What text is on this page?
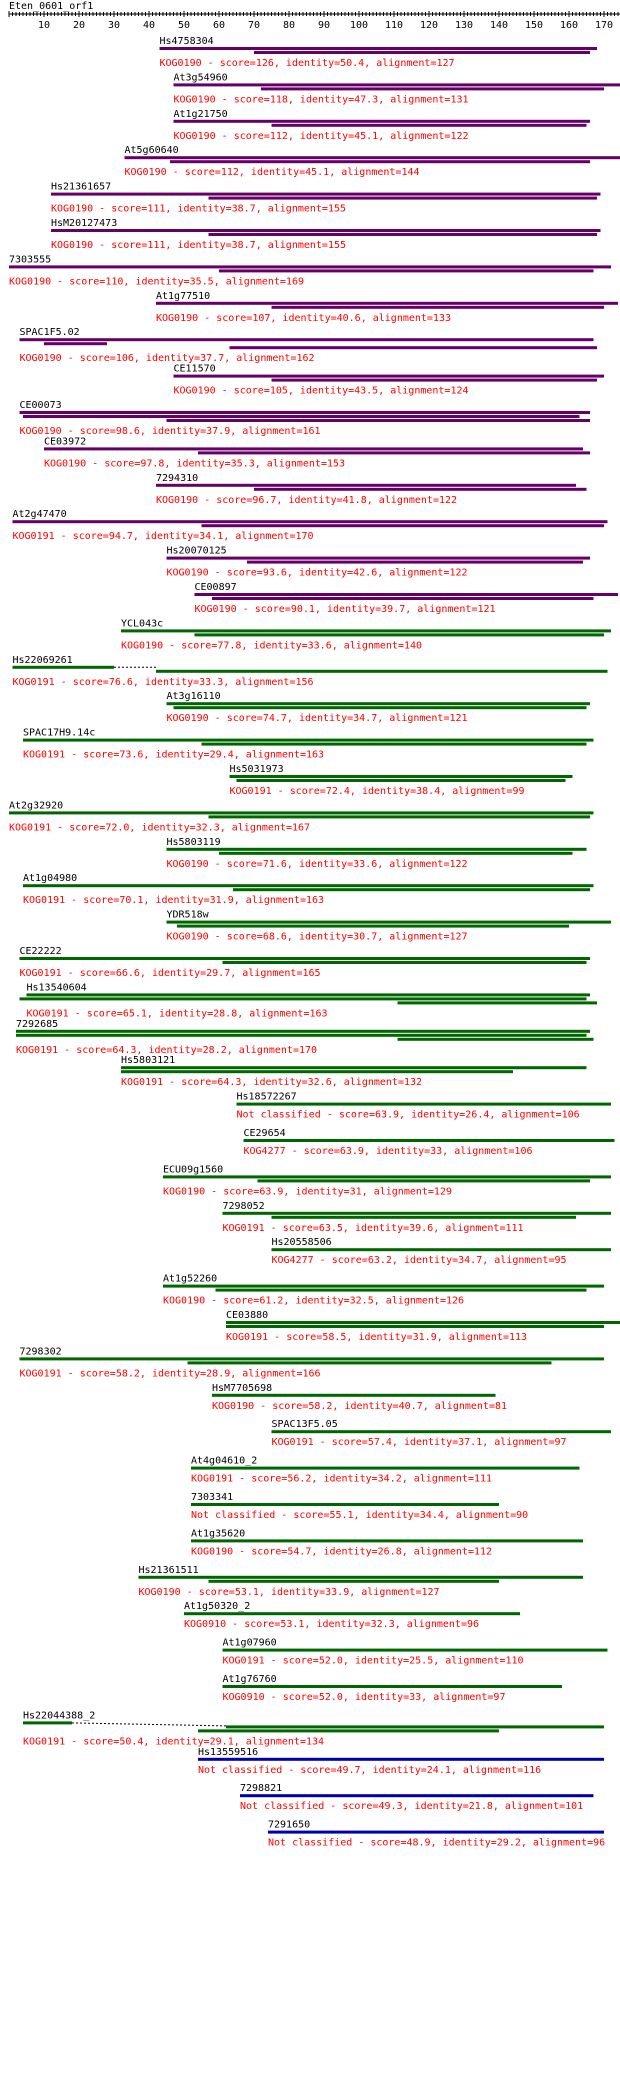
Eten_0601_orf1
10 20 30 40 50 60 70 80 90 100 110 120 130 140 150 160 170
Hs4758304
KOG0190 - score=126, identity=50.4, alignment=127
At3g54960
KOG0190 - score=118, identity=47.3, alignment=131
At1g21750
KOG0190 - score=112, identity=45.1, alignment=122
At5g60640
KOG0190 - score=112, identity=45.1, alignment=144
Hs21361657
KOG0190 - score=111, identity=38.7, alignment=155
HsM20127473
KOG0190 - score=111, identity=38.7, alignment=155
7303555
KOG0190 - score=110, identity=35.5, alignment=169
At1g77510
KOG0190 - score=107, identity=40.6, alignment=133
SPAC1F5.02
KOG0190 - score=106, identity=37.7, alignment=162
CE11570
KOG0190 - score=105, identity=43.5, alignment=124
CE00073
KOG0190 - score=98.6, identity=37.9, alignment=161
CE03972
KOG0190 - score=97.8, identity=35.3, alignment=153
7294310
KOG0190 - score=96.7, identity=41.8, alignment=122
At2g47470
KOG0191 - score=94.7, identity=34.1, alignment=170
Hs20070125
KOG0190 - score=93.6, identity=42.6, alignment=122
CE00897
KOG0190 - score=90.1, identity=39.7, alignment=121
YCL043c
KOG0190 - score=77.8, identity=33.6, alignment=140
Hs22069261
KOG0191 - score=76.6, identity=33.3, alignment=156
At3g16110
KOG0190 - score=74.7, identity=34.7, alignment=121
SPAC17H9.14c
KOG0191 - score=73.6, identity=29.4, alignment=163
Hs5031973
KOG0191 - score=72.4, identity=38.4, alignment=99
At2g32920
KOG0191 - score=72.0, identity=32.3, alignment=167
Hs5803119
KOG0190 - score=71.6, identity=33.6, alignment=122
At1g04980
KOG0191 - score=70.1, identity=31.9, alignment=163
YDR518w
KOG0190 - score=68.6, identity=30.7, alignment=127
CE22222
KOG0191 - score=66.6, identity=29.7, alignment=165
Hs13540604
KOG0191 - score=65.1, identity=28.8, alignment=163
7292685
KOG0191 - score=64.3, identity=28.2, alignment=170
Hs5803121
KOG0191 - score=64.3, identity=32.6, alignment=132
Hs18572267
Not classified - score=63.9, identity=26.4, alignment=106
CE29654
KOG4277 - score=63.9, identity=33, alignment=106
ECU09g1560
KOG0190 - score=63.9, identity=31, alignment=129
7298052
KOG0191 - score=63.5, identity=39.6, alignment=111
Hs20558506
KOG4277 - score=63.2, identity=34.7, alignment=95
At1g52260
KOG0190 - score=61.2, identity=32.5, alignment=126
CE03880
KOG0191 - score=58.5, identity=31.9, alignment=113
7298302
KOG0191 - score=58.2, identity=28.9, alignment=166
HsM7705698
KOG0190 - score=58.2, identity=40.7, alignment=81
SPAC13F5.05
KOG0191 - score=57.4, identity=37.1, alignment=97
At4g04610_2
KOG0191 - score=56.2, identity=34.2, alignment=111
7303341
Not classified - score=55.1, identity=34.4, alignment=90
At1g35620
KOG0190 - score=54.7, identity=26.8, alignment=112
Hs21361511
KOG0190 - score=53.1, identity=33.9, alignment=127
At1g50320_2
KOG0910 - score=53.1, identity=32.3, alignment=96
At1g07960
KOG0191 - score=52.0, identity=25.5, alignment=110
At1g76760
KOG0910 - score=52.0, identity=33, alignment=97
Hs22044388_2
KOG0191 - score=50.4, identity=29.1, alignment=134
Hs13559516
Not classified - score=49.7, identity=24.1, alignment=116
7298821
Not classified - score=49.3, identity=21.8, alignment=101
7291650
Not classified - score=48.9, identity=29.2, alignment=96
